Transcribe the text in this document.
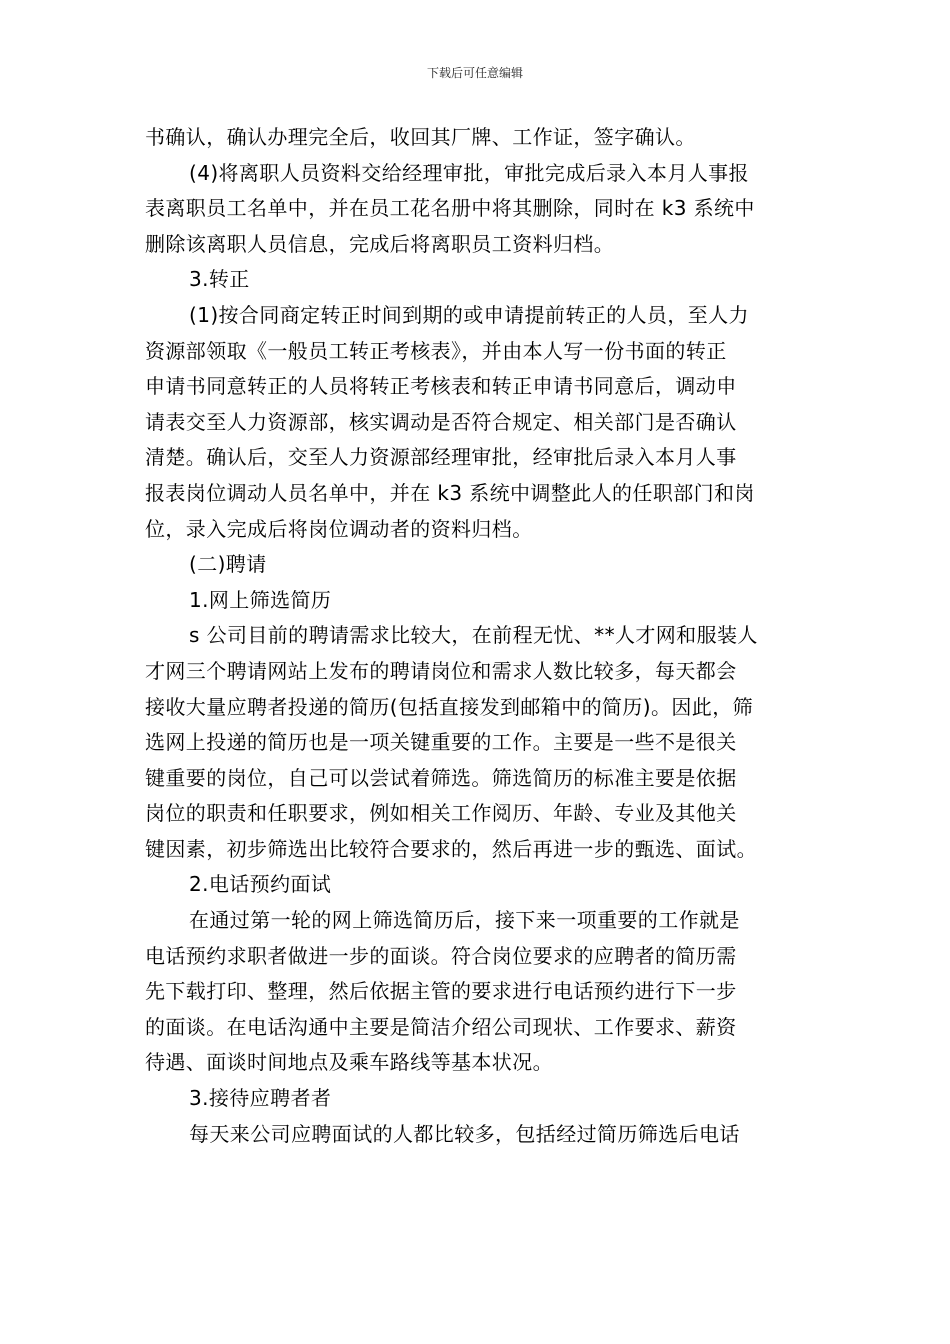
下载后可任意编辑
书确认，确认办理完全后，收回其厂牌、工作证，签字确认。
(4)将离职人员资料交给经理审批，审批完成后录入本月人事报
表离职员工名单中，并在员工花名册中将其删除，同时在 k3 系统中
删除该离职人员信息，完成后将离职员工资料归档。
3.转正
(1)按合同商定转正时间到期的或申请提前转正的人员，至人力
资源部领取《一般员工转正考核表》，并由本人写一份书面的转正
申请书同意转正的人员将转正考核表和转正申请书同意后，调动申
请表交至人力资源部，核实调动是否符合规定、相关部门是否确认
清楚。确认后，交至人力资源部经理审批，经审批后录入本月人事
报表岗位调动人员名单中，并在 k3 系统中调整此人的任职部门和岗
位，录入完成后将岗位调动者的资料归档。
(二)聘请
1.网上筛选简历
s 公司目前的聘请需求比较大，在前程无忧、**人才网和服装人
才网三个聘请网站上发布的聘请岗位和需求人数比较多，每天都会
接收大量应聘者投递的简历(包括直接发到邮箱中的简历)。因此，筛
选网上投递的简历也是一项关键重要的工作。主要是一些不是很关
键重要的岗位，自己可以尝试着筛选。筛选简历的标准主要是依据
岗位的职责和任职要求，例如相关工作阅历、年龄、专业及其他关
键因素，初步筛选出比较符合要求的，然后再进一步的甄选、面试。
2.电话预约面试
在通过第一轮的网上筛选简历后，接下来一项重要的工作就是
电话预约求职者做进一步的面谈。符合岗位要求的应聘者的简历需
先下载打印、整理，然后依据主管的要求进行电话预约进行下一步
的面谈。在电话沟通中主要是简洁介绍公司现状、工作要求、薪资
待遇、面谈时间地点及乘车路线等基本状况。
3.接待应聘者者
每天来公司应聘面试的人都比较多，包括经过简历筛选后电话
